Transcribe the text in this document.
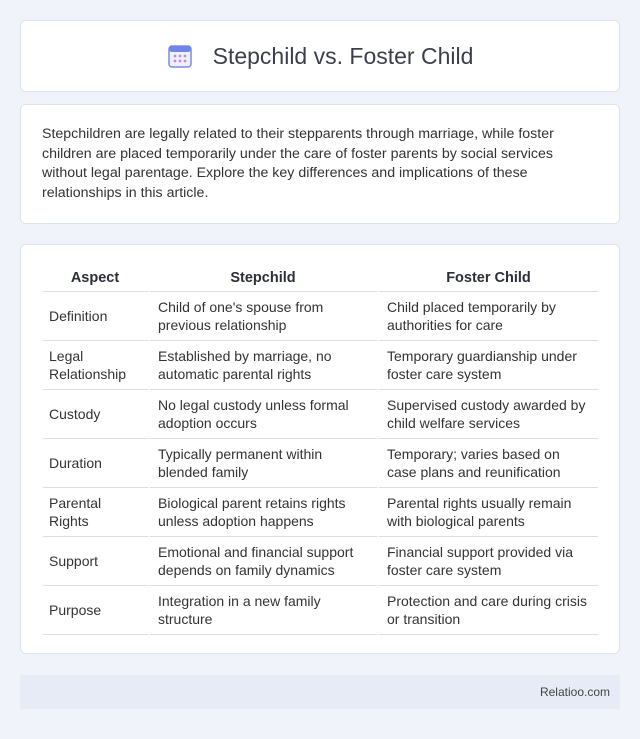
Stepchild vs. Foster Child

Stepchildren are legally related to their stepparents through marriage, while foster children are placed temporarily under the care of foster parents by social services without legal parentage. Explore the key differences and implications of these relationships in this article.

Aspect	Stepchild	Foster Child
Definition	Child of one's spouse from previous relationship	Child placed temporarily by authorities for care
Legal Relationship	Established by marriage, no automatic parental rights	Temporary guardianship under foster care system
Custody	No legal custody unless formal adoption occurs	Supervised custody awarded by child welfare services
Duration	Typically permanent within blended family	Temporary; varies based on case plans and reunification
Parental Rights	Biological parent retains rights unless adoption happens	Parental rights usually remain with biological parents
Support	Emotional and financial support depends on family dynamics	Financial support provided via foster care system
Purpose	Integration in a new family structure	Protection and care during crisis or transition
Relatioo.com
